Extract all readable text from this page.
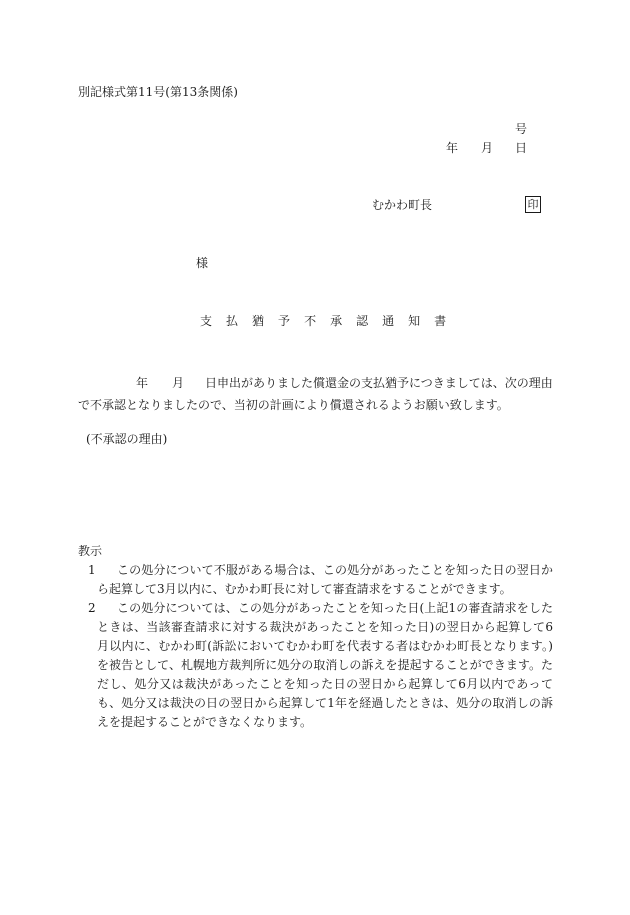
別記様式第11号(第13条関係)
号
年 月 日
むかわ町長	印
様
支 払 猶 予 不 承 認 通 知 書
年 月 日申出がありました償還金の支払猶予につきましては、次の理由
で不承認となりましたので、当初の計画により償還されるようお願い致します。
(不承認の理由)
教示
1	この処分について不服がある場合は、この処分があったことを知った日の翌日から起算して3月以内に、むかわ町長に対して審査請求をすることができます。
2	この処分については、この処分があったことを知った日(上記1の審査請求をしたときは、当該審査請求に対する裁決があったことを知った日)の翌日から起算して6月以内に、むかわ町(訴訟においてむかわ町を代表する者はむかわ町長となります。)を被告として、札幌地方裁判所に処分の取消しの訴えを提起することができます。ただし、処分又は裁決があったことを知った日の翌日から起算して6月以内であっても、処分又は裁決の日の翌日から起算して1年を経過したときは、処分の取消しの訴えを提起することができなくなります。
